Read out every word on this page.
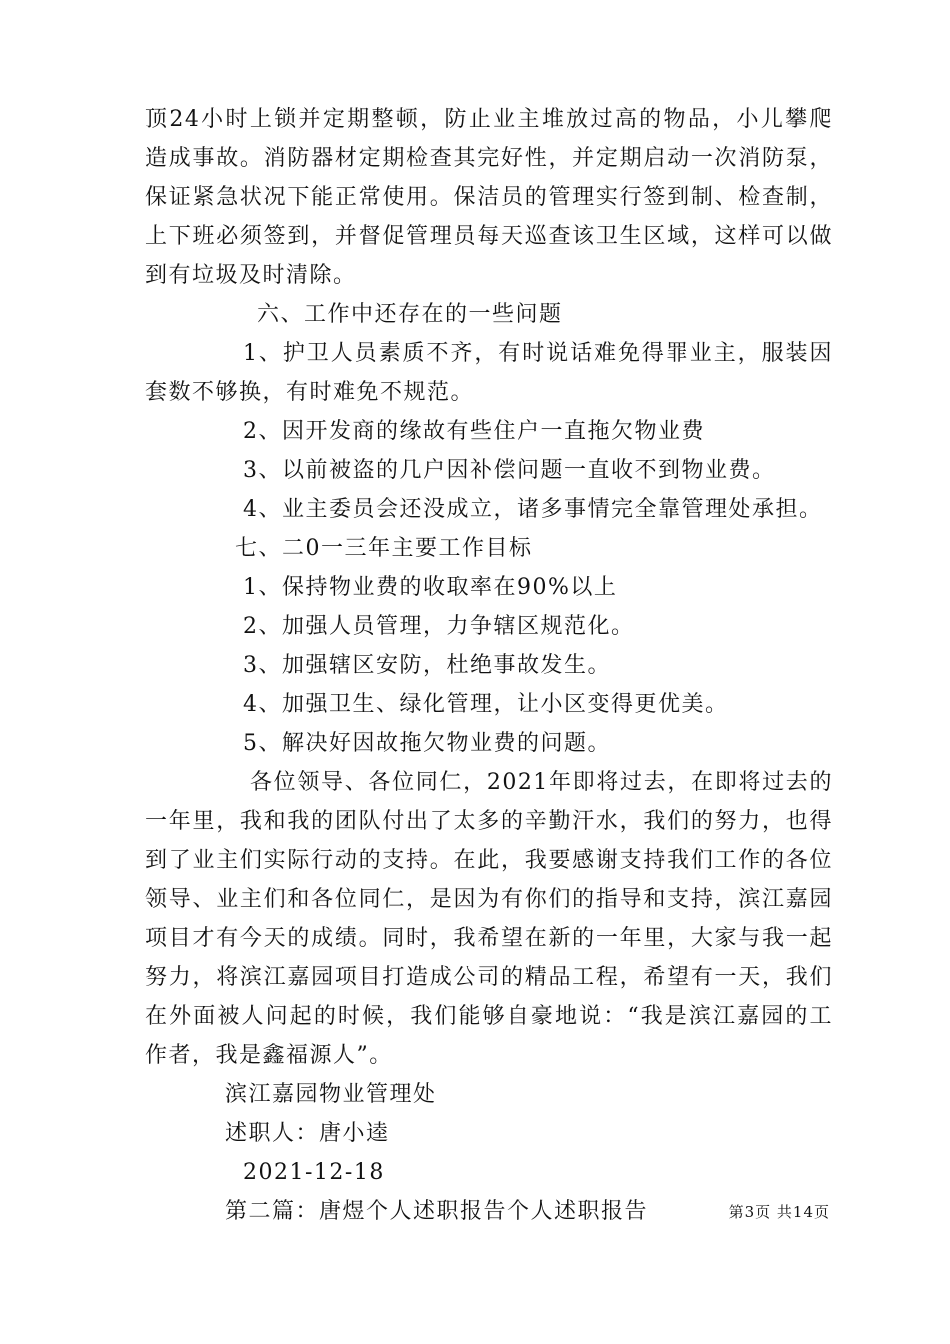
顶24小时上锁并定期整顿，防止业主堆放过高的物品，小儿攀爬造成事故。消防器材定期检查其完好性，并定期启动一次消防泵，保证紧急状况下能正常使用。保洁员的管理实行签到制、检查制，上下班必须签到，并督促管理员每天巡查该卫生区域，这样可以做到有垃圾及时清除。

六、工作中还存在的一些问题

1、护卫人员素质不齐，有时说话难免得罪业主，服装因套数不够换，有时难免不规范。

2、因开发商的缘故有些住户一直拖欠物业费

3、以前被盗的几户因补偿问题一直收不到物业费。

4、业主委员会还没成立，诸多事情完全靠管理处承担。

七、二0一三年主要工作目标

1、保持物业费的收取率在90%以上

2、加强人员管理，力争辖区规范化。

3、加强辖区安防，杜绝事故发生。

4、加强卫生、绿化管理，让小区变得更优美。

5、解决好因故拖欠物业费的问题。

各位领导、各位同仁，2021年即将过去，在即将过去的一年里，我和我的团队付出了太多的辛勤汗水，我们的努力，也得到了业主们实际行动的支持。在此，我要感谢支持我们工作的各位领导、业主们和各位同仁，是因为有你们的指导和支持，滨江嘉园项目才有今天的成绩。同时，我希望在新的一年里，大家与我一起努力，将滨江嘉园项目打造成公司的精品工程，希望有一天，我们在外面被人问起的时候，我们能够自豪地说：“我是滨江嘉园的工作者，我是鑫福源人”。

滨江嘉园物业管理处

述职人：唐小逵

2021-12-18

第二篇：唐煜个人述职报告个人述职报告	第3页 共14页
